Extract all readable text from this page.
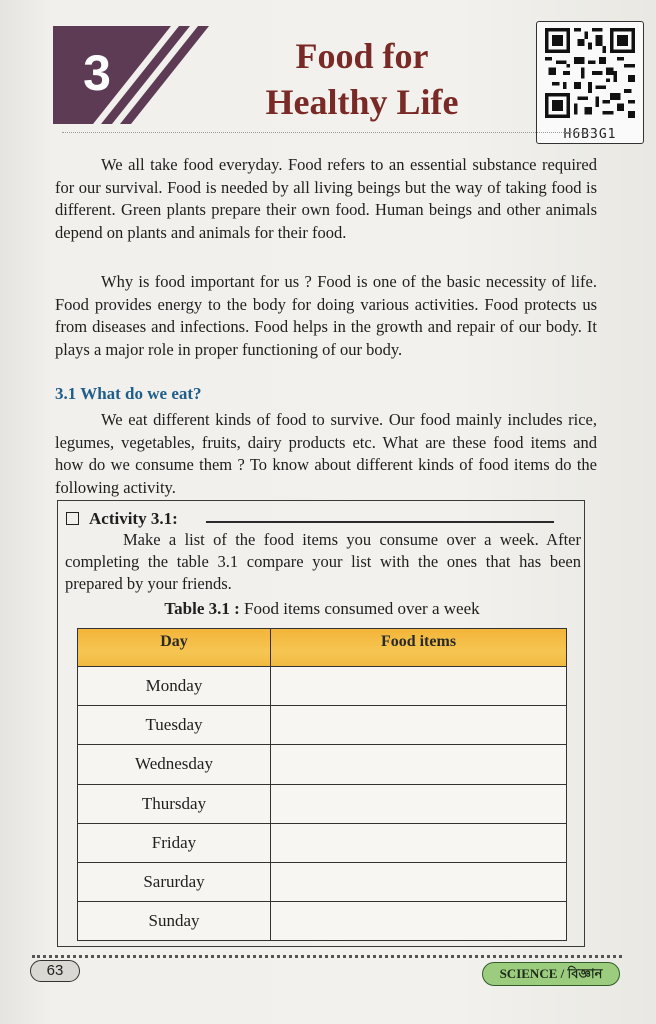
3	Food for
Healthy Life
H6B3G1
We all take food everyday. Food refers to an essential substance required for our survival. Food is needed by all living beings but the way of taking food is different. Green plants prepare their own food. Human beings and other animals depend on plants and animals for their food.
Why is food important for us ? Food is one of the basic necessity of life. Food provides energy to the body for doing various activities. Food protects us from diseases and infections. Food helps in the growth and repair of our body. It plays a major role in proper functioning of our body.
3.1 What do we eat?
We eat different kinds of food to survive. Our food mainly includes rice, legumes, vegetables, fruits, dairy products etc. What are these food items and how do we consume them ? To know about different kinds of food items do the following activity.
Activity 3.1:
Make a list of the food items you consume over a week. After completing the table 3.1 compare your list with the ones that has been prepared by your friends.
Table 3.1 : Food items consumed over a week
Day	Food items
Monday	
Tuesday	
Wednesday	
Thursday	
Friday	
Sarurday	
Sunday	
63	SCIENCE / বিজ্ঞান
